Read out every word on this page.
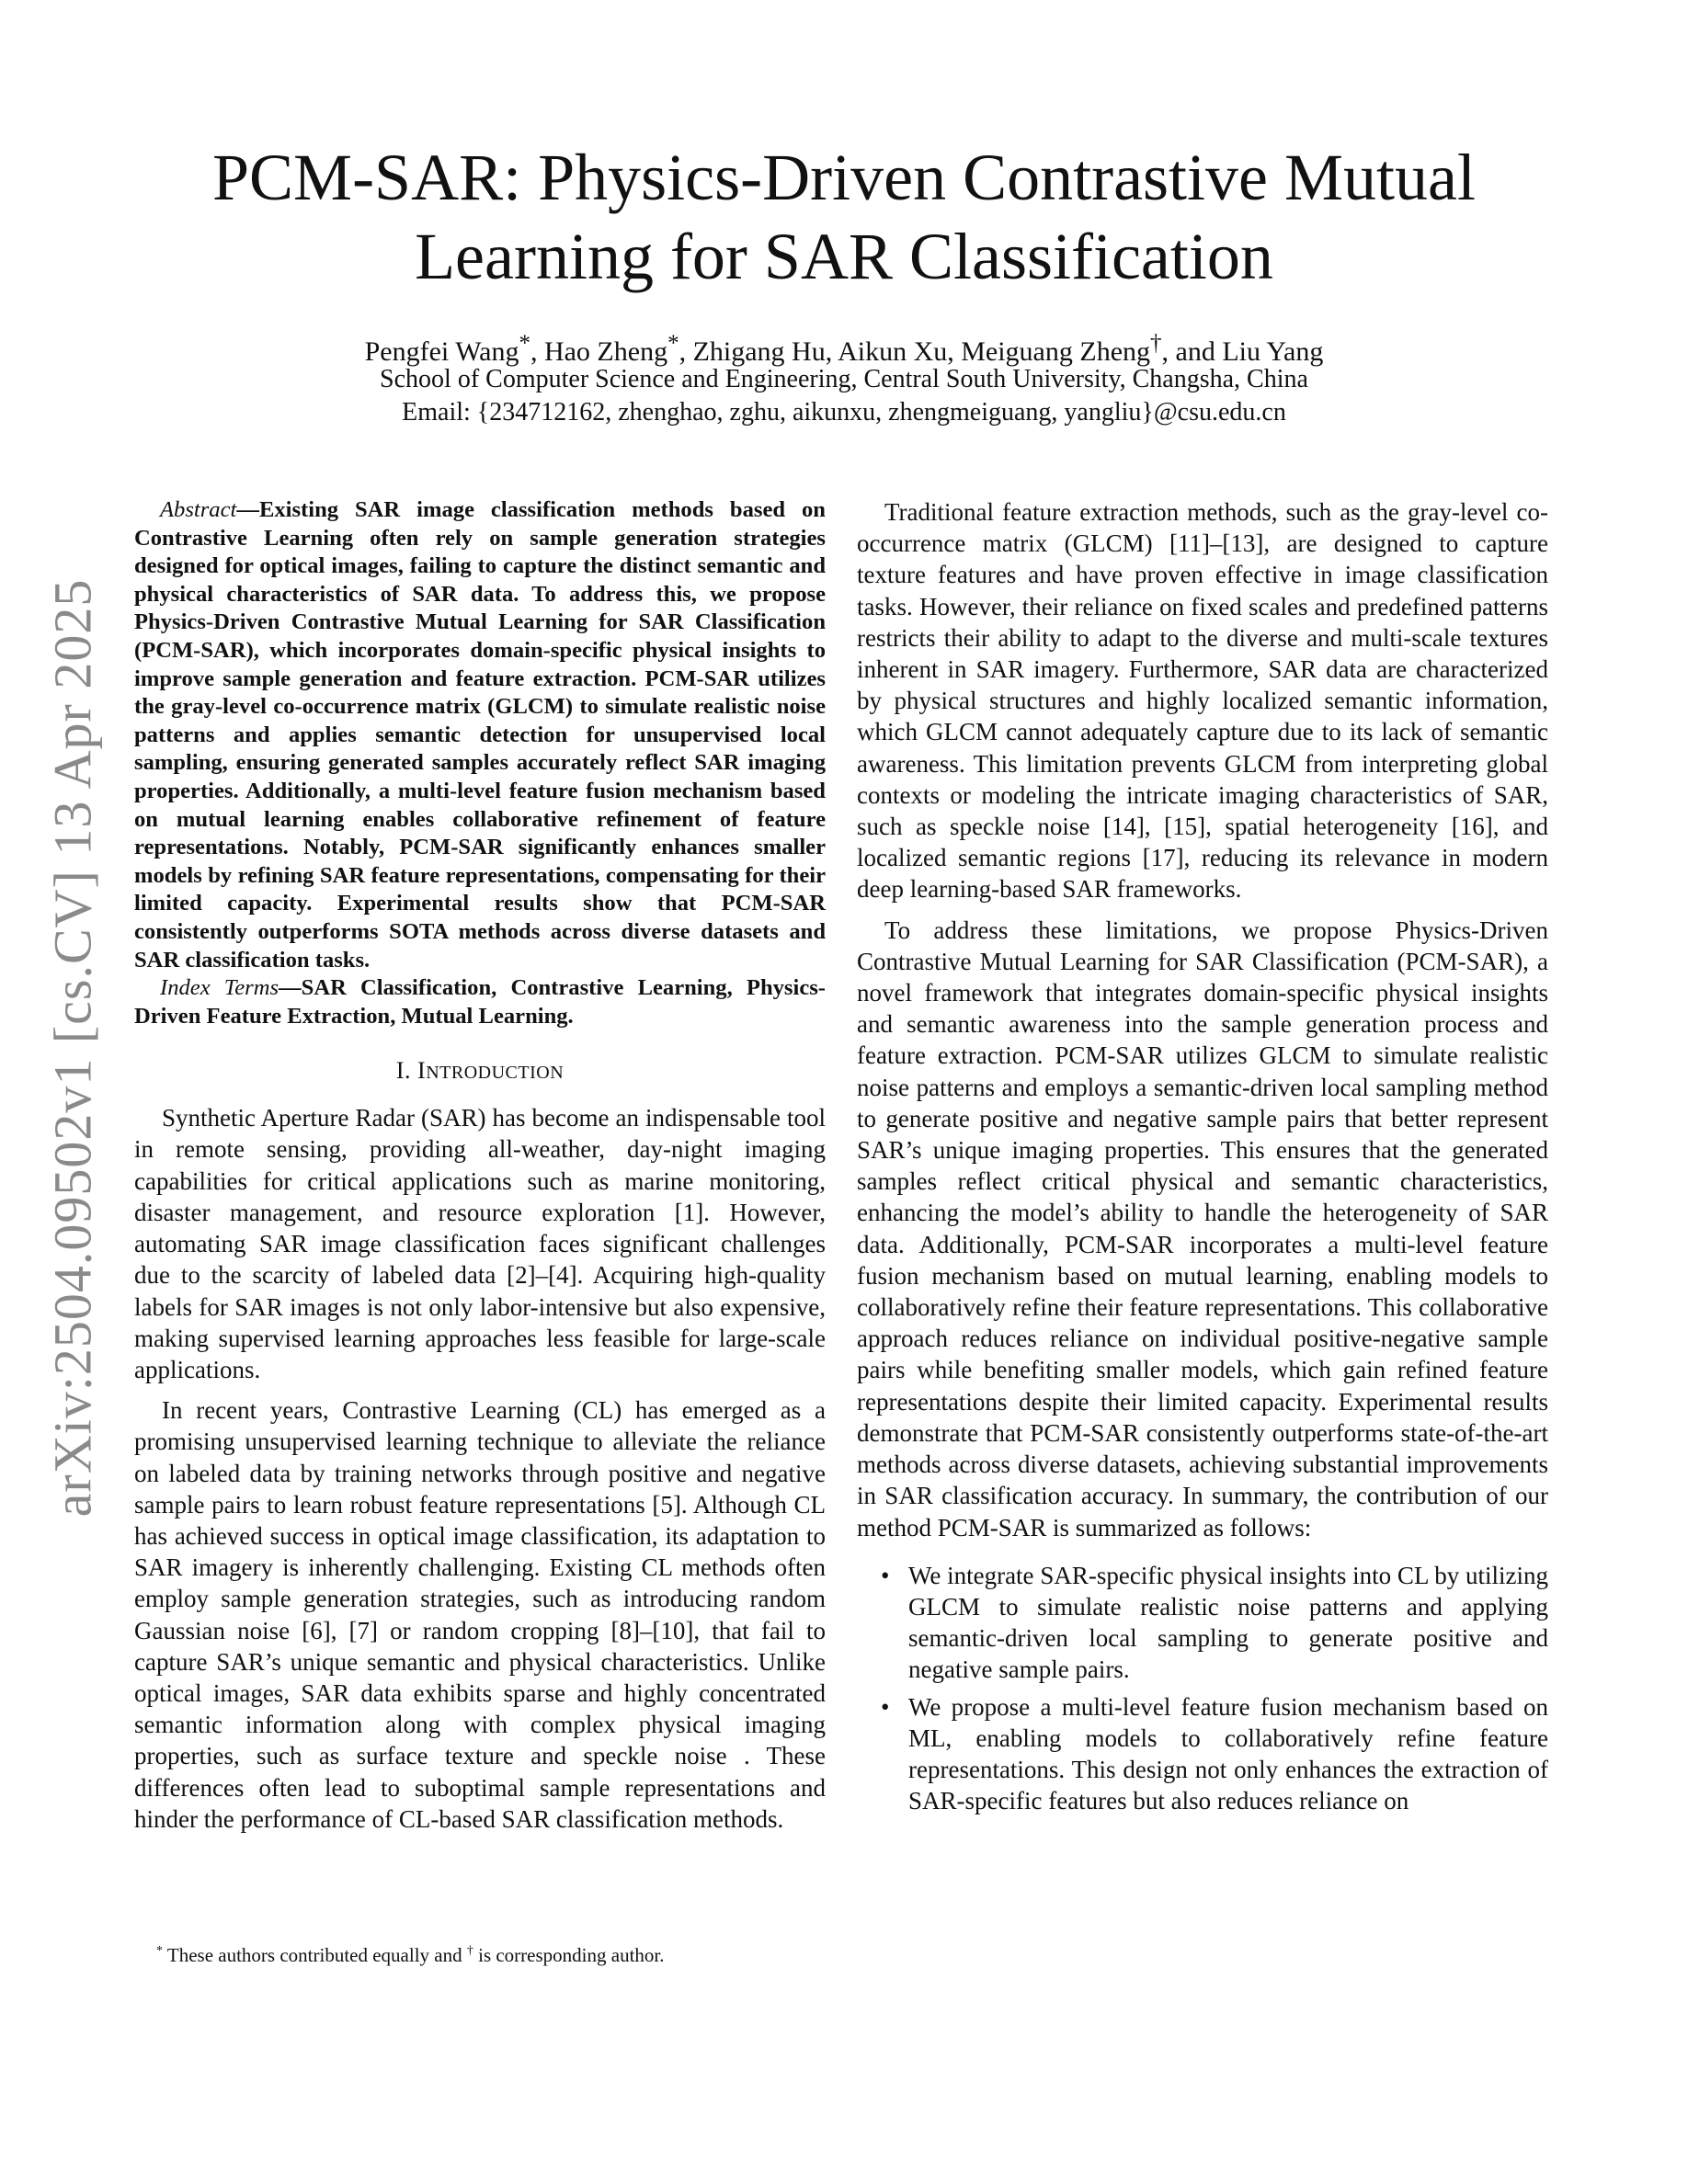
arXiv:2504.09502v1 [cs.CV] 13 Apr 2025
PCM-SAR: Physics-Driven Contrastive Mutual
Learning for SAR Classification
Pengfei Wang*, Hao Zheng*, Zhigang Hu, Aikun Xu, Meiguang Zheng†, and Liu Yang
School of Computer Science and Engineering, Central South University, Changsha, China
Email: {234712162, zhenghao, zghu, aikunxu, zhengmeiguang, yangliu}@csu.edu.cn

Abstract—Existing SAR image classification methods based on Contrastive Learning often rely on sample generation strategies designed for optical images, failing to capture the distinct semantic and physical characteristics of SAR data. To address this, we propose Physics-Driven Contrastive Mutual Learning for SAR Classification (PCM-SAR), which incorporates domain-specific physical insights to improve sample generation and feature extraction. PCM-SAR utilizes the gray-level co-occurrence matrix (GLCM) to simulate realistic noise patterns and applies semantic detection for unsupervised local sampling, ensuring generated samples accurately reflect SAR imaging properties. Additionally, a multi-level feature fusion mechanism based on mutual learning enables collaborative refinement of feature representations. Notably, PCM-SAR significantly enhances smaller models by refining SAR feature representations, compensating for their limited capacity. Experimental results show that PCM-SAR consistently outperforms SOTA methods across diverse datasets and SAR classification tasks.

Index Terms—SAR Classification, Contrastive Learning, Physics-Driven Feature Extraction, Mutual Learning.

I. INTRODUCTION

Synthetic Aperture Radar (SAR) has become an indispensable tool in remote sensing, providing all-weather, day-night imaging capabilities for critical applications such as marine monitoring, disaster management, and resource exploration [1]. However, automating SAR image classification faces significant challenges due to the scarcity of labeled data [2]–[4]. Acquiring high-quality labels for SAR images is not only labor-intensive but also expensive, making supervised learning approaches less feasible for large-scale applications.

In recent years, Contrastive Learning (CL) has emerged as a promising unsupervised learning technique to alleviate the reliance on labeled data by training networks through positive and negative sample pairs to learn robust feature representations [5]. Although CL has achieved success in optical image classification, its adaptation to SAR imagery is inherently challenging. Existing CL methods often employ sample generation strategies, such as introducing random Gaussian noise [6], [7] or random cropping [8]–[10], that fail to capture SAR’s unique semantic and physical characteristics. Unlike optical images, SAR data exhibits sparse and highly concentrated semantic information along with complex physical imaging properties, such as surface texture and speckle noise . These differences often lead to suboptimal sample representations and hinder the performance of CL-based SAR classification methods.

* These authors contributed equally and † is corresponding author.

Traditional feature extraction methods, such as the gray-level co-occurrence matrix (GLCM) [11]–[13], are designed to capture texture features and have proven effective in image classification tasks. However, their reliance on fixed scales and predefined patterns restricts their ability to adapt to the diverse and multi-scale textures inherent in SAR imagery. Furthermore, SAR data are characterized by physical structures and highly localized semantic information, which GLCM cannot adequately capture due to its lack of semantic awareness. This limitation prevents GLCM from interpreting global contexts or modeling the intricate imaging characteristics of SAR, such as speckle noise [14], [15], spatial heterogeneity [16], and localized semantic regions [17], reducing its relevance in modern deep learning-based SAR frameworks.

To address these limitations, we propose Physics-Driven Contrastive Mutual Learning for SAR Classification (PCM-SAR), a novel framework that integrates domain-specific physical insights and semantic awareness into the sample generation process and feature extraction. PCM-SAR utilizes GLCM to simulate realistic noise patterns and employs a semantic-driven local sampling method to generate positive and negative sample pairs that better represent SAR’s unique imaging properties. This ensures that the generated samples reflect critical physical and semantic characteristics, enhancing the model’s ability to handle the heterogeneity of SAR data. Additionally, PCM-SAR incorporates a multi-level feature fusion mechanism based on mutual learning, enabling models to collaboratively refine their feature representations. This collaborative approach reduces reliance on individual positive-negative sample pairs while benefiting smaller models, which gain refined feature representations despite their limited capacity. Experimental results demonstrate that PCM-SAR consistently outperforms state-of-the-art methods across diverse datasets, achieving substantial improvements in SAR classification accuracy. In summary, the contribution of our method PCM-SAR is summarized as follows:

• We integrate SAR-specific physical insights into CL by utilizing GLCM to simulate realistic noise patterns and applying semantic-driven local sampling to generate positive and negative sample pairs.
• We propose a multi-level feature fusion mechanism based on ML, enabling models to collaboratively refine feature representations. This design not only enhances the extraction of SAR-specific features but also reduces reliance on
